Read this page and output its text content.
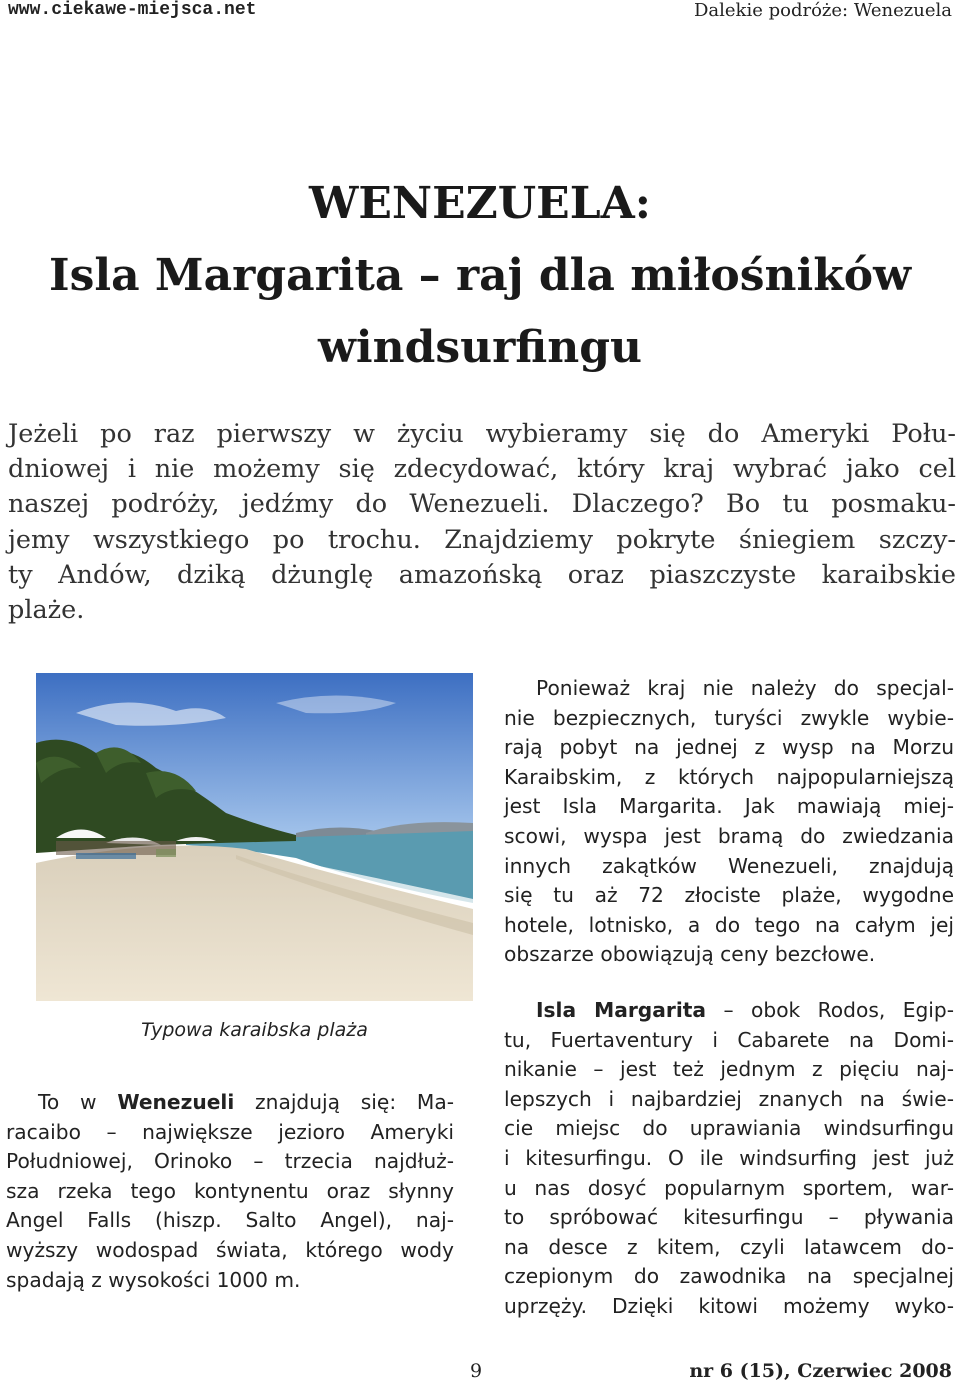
www.ciekawe-miejsca.net	Dalekie podróże: Wenezuela
WENEZUELA:
Isla Margarita – raj dla miłośników
windsurfingu
Jeżeli po raz pierwszy w życiu wybieramy się do Ameryki Połu-
dniowej i nie możemy się zdecydować, który kraj wybrać jako cel
naszej podróży, jedźmy do Wenezueli. Dlaczego? Bo tu posmaku-
jemy wszystkiego po trochu. Znajdziemy pokryte śniegiem szczy-
ty Andów, dziką dżunglę amazońską oraz piaszczyste karaibskie
plaże.
Typowa karaibska plaża
Ponieważ kraj nie należy do specjal-
nie bezpiecznych, turyści zwykle wybie-
rają pobyt na jednej z wysp na Morzu
Karaibskim, z których najpopularniejszą
jest Isla Margarita. Jak mawiają miej-
scowi, wyspa jest bramą do zwiedzania
innych zakątków Wenezueli, znajdują
się tu aż 72 złociste plaże, wygodne
hotele, lotnisko, a do tego na całym jej
obszarze obowiązują ceny bezcłowe.
Isla Margarita – obok Rodos, Egip-
tu, Fuertaventury i Cabarete na Domi-
nikanie – jest też jednym z pięciu naj-
lepszych i najbardziej znanych na świe-
cie miejsc do uprawiania windsurfingu
i kitesurfingu. O ile windsurfing jest już
u nas dosyć popularnym sportem, war-
to spróbować kitesurfingu – pływania
na desce z kitem, czyli latawcem do-
czepionym do zawodnika na specjalnej
uprzęży. Dzięki kitowi możemy wyko-
To w Wenezueli znajdują się: Ma-
racaibo – największe jezioro Ameryki
Południowej, Orinoko – trzecia najdłuż-
sza rzeka tego kontynentu oraz słynny
Angel Falls (hiszp. Salto Angel), naj-
wyższy wodospad świata, którego wody
spadają z wysokości 1000 m.
9	nr 6 (15), Czerwiec 2008
